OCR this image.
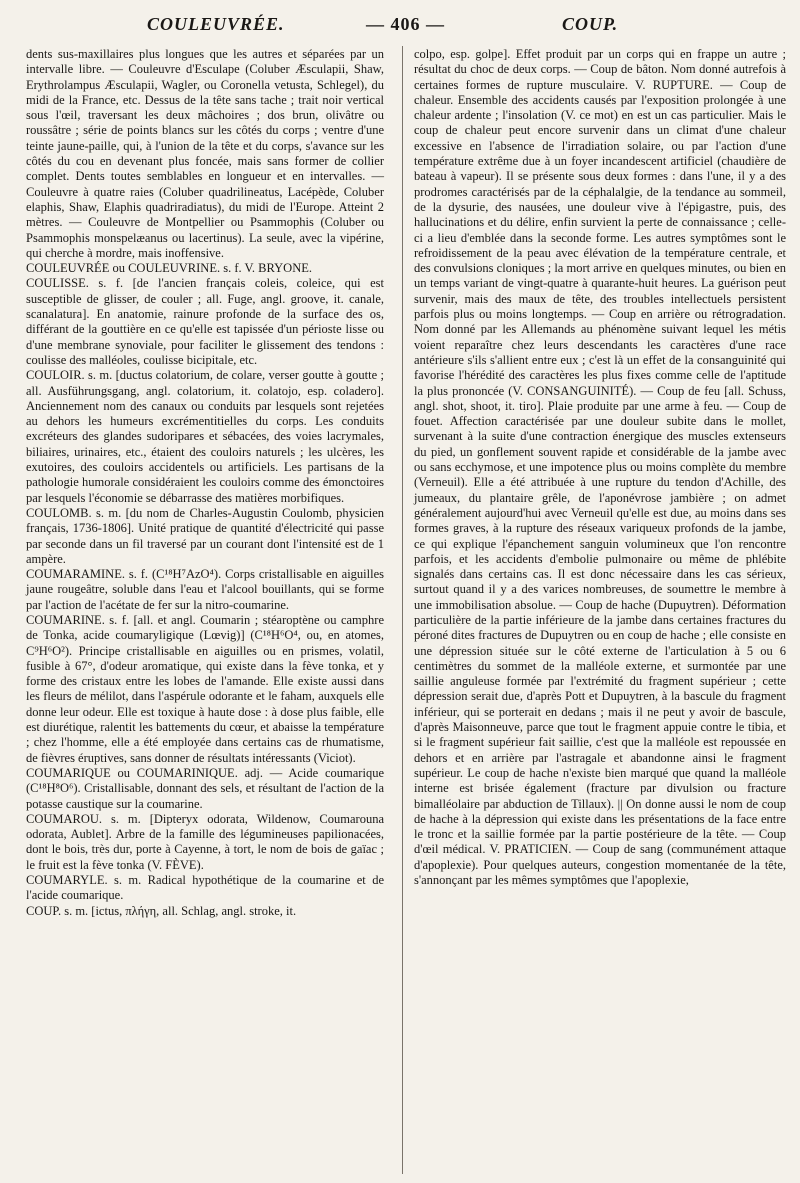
COULEUVRÉE.	— 406 —	COUP.

dents sus-maxillaires plus longues que les autres et séparées par un intervalle libre. — Couleuvre d'Esculape (Coluber Æsculapii, Shaw, Erythrolampus Æsculapii, Wagler, ou Coronella vetusta, Schlegel), du midi de la France, etc. Dessus de la tête sans tache ; trait noir vertical sous l'œil, traversant les deux mâchoires ; dos brun, olivâtre ou roussâtre ; série de points blancs sur les côtés du corps ; ventre d'une teinte jaune-paille, qui, à l'union de la tête et du corps, s'avance sur les côtés du cou en devenant plus foncée, mais sans former de collier complet. Dents toutes semblables en longueur et en intervalles. — Couleuvre à quatre raies (Coluber quadrilineatus, Lacépède, Coluber elaphis, Shaw, Elaphis quadriradiatus), du midi de l'Europe. Atteint 2 mètres. — Couleuvre de Montpellier ou Psammophis (Coluber ou Psammophis monspelæanus ou lacertinus). La seule, avec la vipérine, qui cherche à mordre, mais inoffensive.

COULEUVRÉE ou COULEUVRINE. s. f. V. BRYONE.

COULISSE. s. f. [de l'ancien français coleis, coleice, qui est susceptible de glisser, de couler ; all. Fuge, angl. groove, it. canale, scanalatura]. En anatomie, rainure profonde de la surface des os, différant de la gouttière en ce qu'elle est tapissée d'un périoste lisse ou d'une membrane synoviale, pour faciliter le glissement des tendons : coulisse des malléoles, coulisse bicipitale, etc.

COULOIR. s. m. [ductus colatorium, de colare, verser goutte à goutte ; all. Ausführungsgang, angl. colatorium, it. colatojo, esp. coladero]. Anciennement nom des canaux ou conduits par lesquels sont rejetées au dehors les humeurs excrémentitielles du corps. Les conduits excréteurs des glandes sudoripares et sébacées, des voies lacrymales, biliaires, urinaires, etc., étaient des couloirs naturels ; les ulcères, les exutoires, des couloirs accidentels ou artificiels. Les partisans de la pathologie humorale considéraient les couloirs comme des émonctoires par lesquels l'économie se débarrasse des matières morbifiques.

COULOMB. s. m. [du nom de Charles-Augustin Coulomb, physicien français, 1736-1806]. Unité pratique de quantité d'électricité qui passe par seconde dans un fil traversé par un courant dont l'intensité est de 1 ampère.

COUMARAMINE. s. f. (C¹⁸H⁷AzO⁴). Corps cristallisable en aiguilles jaune rougeâtre, soluble dans l'eau et l'alcool bouillants, qui se forme par l'action de l'acétate de fer sur la nitro-coumarine.

COUMARINE. s. f. [all. et angl. Coumarin ; stéaroptène ou camphre de Tonka, acide coumaryligique (Lœvig)] (C¹⁸H⁶O⁴, ou, en atomes, C⁹H⁶O²). Principe cristallisable en aiguilles ou en prismes, volatil, fusible à 67°, d'odeur aromatique, qui existe dans la fève tonka, et y forme des cristaux entre les lobes de l'amande. Elle existe aussi dans les fleurs de mélilot, dans l'aspérule odorante et le faham, auxquels elle donne leur odeur. Elle est toxique à haute dose : à dose plus faible, elle est diurétique, ralentit les battements du cœur, et abaisse la température ; chez l'homme, elle a été employée dans certains cas de rhumatisme, de fièvres éruptives, sans donner de résultats intéressants (Viciot).

COUMARIQUE ou COUMARINIQUE. adj. — Acide coumarique (C¹⁸H⁸O⁶). Cristallisable, donnant des sels, et résultant de l'action de la potasse caustique sur la coumarine.

COUMAROU. s. m. [Dipteryx odorata, Wildenow, Coumarouna odorata, Aublet]. Arbre de la famille des légumineuses papilionacées, dont le bois, très dur, porte à Cayenne, à tort, le nom de bois de gaïac ; le fruit est la fève tonka (V. FÈVE).

COUMARYLE. s. m. Radical hypothétique de la coumarine et de l'acide coumarique.

COUP. s. m. [ictus, πλήγη, all. Schlag, angl. stroke, it.

colpo, esp. golpe]. Effet produit par un corps qui en frappe un autre ; résultat du choc de deux corps. — Coup de bâton. Nom donné autrefois à certaines formes de rupture musculaire. V. RUPTURE. — Coup de chaleur. Ensemble des accidents causés par l'exposition prolongée à une chaleur ardente ; l'insolation (V. ce mot) en est un cas particulier. Mais le coup de chaleur peut encore survenir dans un climat d'une chaleur excessive en l'absence de l'irradiation solaire, ou par l'action d'une température extrême due à un foyer incandescent artificiel (chaudière de bateau à vapeur). Il se présente sous deux formes : dans l'une, il y a des prodromes caractérisés par de la céphalalgie, de la tendance au sommeil, de la dysurie, des nausées, une douleur vive à l'épigastre, puis, des hallucinations et du délire, enfin survient la perte de connaissance ; celle-ci a lieu d'emblée dans la seconde forme. Les autres symptômes sont le refroidissement de la peau avec élévation de la température centrale, et des convulsions cloniques ; la mort arrive en quelques minutes, ou bien en un temps variant de vingt-quatre à quarante-huit heures. La guérison peut survenir, mais des maux de tête, des troubles intellectuels persistent parfois plus ou moins longtemps. — Coup en arrière ou rétrogradation. Nom donné par les Allemands au phénomène suivant lequel les métis voient reparaître chez leurs descendants les caractères d'une race antérieure s'ils s'allient entre eux ; c'est là un effet de la consanguinité qui favorise l'hérédité des caractères les plus fixes comme celle de l'aptitude la plus prononcée (V. CONSANGUINITÉ). — Coup de feu [all. Schuss, angl. shot, shoot, it. tiro]. Plaie produite par une arme à feu. — Coup de fouet. Affection caractérisée par une douleur subite dans le mollet, survenant à la suite d'une contraction énergique des muscles extenseurs du pied, un gonflement souvent rapide et considérable de la jambe avec ou sans ecchymose, et une impotence plus ou moins complète du membre (Verneuil). Elle a été attribuée à une rupture du tendon d'Achille, des jumeaux, du plantaire grêle, de l'aponévrose jambière ; on admet généralement aujourd'hui avec Verneuil qu'elle est due, au moins dans ses formes graves, à la rupture des réseaux variqueux profonds de la jambe, ce qui explique l'épanchement sanguin volumineux que l'on rencontre parfois, et les accidents d'embolie pulmonaire ou même de phlébite signalés dans certains cas. Il est donc nécessaire dans les cas sérieux, surtout quand il y a des varices nombreuses, de soumettre le membre à une immobilisation absolue. — Coup de hache (Dupuytren). Déformation particulière de la partie inférieure de la jambe dans certaines fractures du péroné dites fractures de Dupuytren ou en coup de hache ; elle consiste en une dépression située sur le côté externe de l'articulation à 5 ou 6 centimètres du sommet de la malléole externe, et surmontée par une saillie anguleuse formée par l'extrémité du fragment supérieur ; cette dépression serait due, d'après Pott et Dupuytren, à la bascule du fragment inférieur, qui se porterait en dedans ; mais il ne peut y avoir de bascule, d'après Maisonneuve, parce que tout le fragment appuie contre le tibia, et si le fragment supérieur fait saillie, c'est que la malléole est repoussée en dehors et en arrière par l'astragale et abandonne ainsi le fragment supérieur. Le coup de hache n'existe bien marqué que quand la malléole interne est brisée également (fracture par divulsion ou fracture bimalléolaire par abduction de Tillaux). || On donne aussi le nom de coup de hache à la dépression qui existe dans les présentations de la face entre le tronc et la saillie formée par la partie postérieure de la tête. — Coup d'œil médical. V. PRATICIEN. — Coup de sang (communément attaque d'apoplexie). Pour quelques auteurs, congestion momentanée de la tête, s'annonçant par les mêmes symptômes que l'apoplexie,
